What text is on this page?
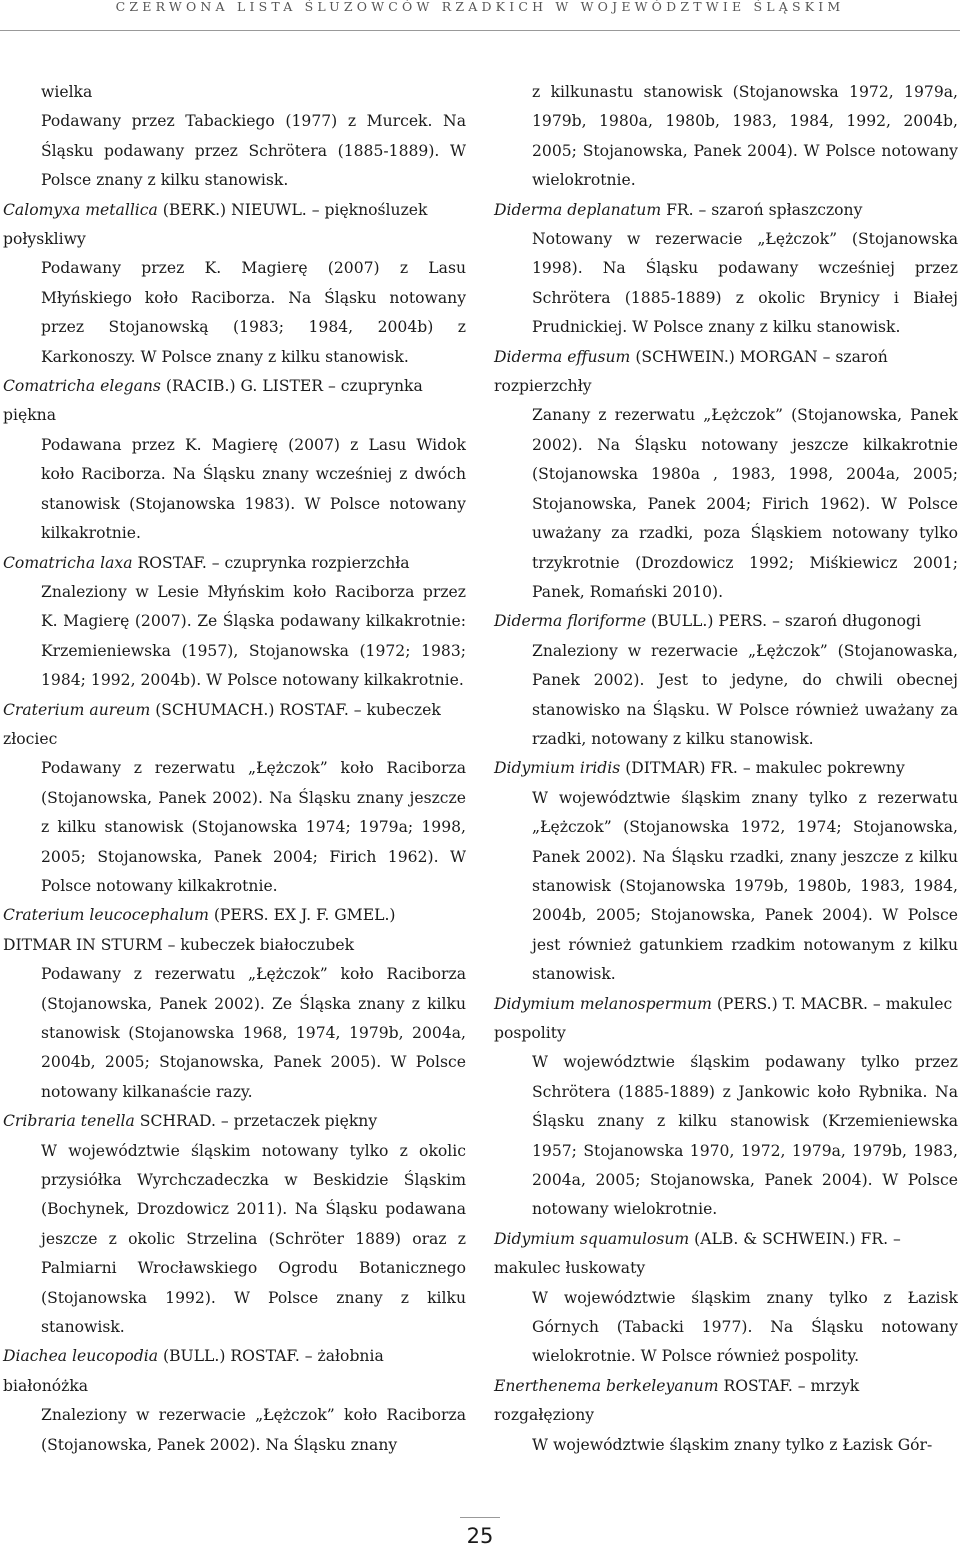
CZERWONA LISTA ŚLUZOWCÓW RZADKICH W WOJEWÓDZTWIE ŚLĄSKIM
wielka
Podawany przez Tabackiego (1977) z Murcek. Na Śląsku podawany przez Schrötera (1885-1889). W Polsce znany z kilku stanowisk.
Calomyxa metallica (BERK.) NIEUWL. – pięknośluzek połyskliwy
Podawany przez K. Magierę (2007) z Lasu Młyńskiego koło Raciborza. Na Śląsku notowany przez Stojanowską (1983; 1984, 2004b) z Karkonoszy. W Polsce znany z kilku stanowisk.
Comatricha elegans (RACIB.) G. LISTER – czuprynka piękna
Podawana przez K. Magierę (2007) z Lasu Widok koło Raciborza. Na Śląsku znany wcześniej z dwóch stanowisk (Stojanowska 1983). W Polsce notowany kilkakrotnie.
Comatricha laxa ROSTAF. – czuprynka rozpierzchła
Znaleziony w Lesie Młyńskim koło Raciborza przez K. Magierę (2007). Ze Śląska podawany kilkakrotnie: Krzemieniewska (1957), Stojanowska (1972; 1983; 1984; 1992, 2004b). W Polsce notowany kilkakrotnie.
Craterium aureum (SCHUMACH.) ROSTAF. – kubeczek złociec
Podawany z rezerwatu „Łężczok” koło Raciborza (Stojanowska, Panek 2002). Na Śląsku znany jeszcze z kilku stanowisk (Stojanowska 1974; 1979a; 1998, 2005; Stojanowska, Panek 2004; Firich 1962). W Polsce notowany kilkakrotnie.
Craterium leucocephalum (PERS. EX J. F. GMEL.) DITMAR IN STURM – kubeczek białoczubek
Podawany z rezerwatu „Łężczok” koło Raciborza (Stojanowska, Panek 2002). Ze Śląska znany z kilku stanowisk (Stojanowska 1968, 1974, 1979b, 2004a, 2004b, 2005; Stojanowska, Panek 2005). W Polsce notowany kilkanaście razy.
Cribraria tenella SCHRAD. – przetaczek piękny
W województwie śląskim notowany tylko z okolic przysiółka Wyrchczadeczka w Beskidzie Śląskim (Bochynek, Drozdowicz 2011). Na Śląsku podawana jeszcze z okolic Strzelina (Schröter 1889) oraz z Palmiarni Wrocławskiego Ogrodu Botanicznego (Stojanowska 1992). W Polsce znany z kilku stanowisk.
Diachea leucopodia (BULL.) ROSTAF. – żałobnia białonóżka
Znaleziony w rezerwacie „Łężczok” koło Raciborza (Stojanowska, Panek 2002). Na Śląsku znany
z kilkunastu stanowisk (Stojanowska 1972, 1979a, 1979b, 1980a, 1980b, 1983, 1984, 1992, 2004b, 2005; Stojanowska, Panek 2004). W Polsce notowany wielokrotnie.
Diderma deplanatum FR. – szaroń spłaszczony
Notowany w rezerwacie „Łężczok” (Stojanowska 1998). Na Śląsku podawany wcześniej przez Schrötera (1885-1889) z okolic Brynicy i Białej Prudnickiej. W Polsce znany z kilku stanowisk.
Diderma effusum (SCHWEIN.) MORGAN – szaroń rozpierzchły
Zanany z rezerwatu „Łężczok” (Stojanowska, Panek 2002). Na Śląsku notowany jeszcze kilkakrotnie (Stojanowska 1980a , 1983, 1998, 2004a, 2005; Stojanowska, Panek 2004; Firich 1962). W Polsce uważany za rzadki, poza Śląskiem notowany tylko trzykrotnie (Drozdowicz 1992; Miśkiewicz 2001; Panek, Romański 2010).
Diderma floriforme (BULL.) PERS. – szaroń długonogi
Znaleziony w rezerwacie „Łężczok” (Stojanowaska, Panek 2002). Jest to jedyne, do chwili obecnej stanowisko na Śląsku. W Polsce również uważany za rzadki, notowany z kilku stanowisk.
Didymium iridis (DITMAR) FR. – makulec pokrewny
W województwie śląskim znany tylko z rezerwatu „Łężczok” (Stojanowska 1972, 1974; Stojanowska, Panek 2002). Na Śląsku rzadki, znany jeszcze z kilku stanowisk (Stojanowska 1979b, 1980b, 1983, 1984, 2004b, 2005; Stojanowska, Panek 2004). W Polsce jest również gatunkiem rzadkim notowanym z kilku stanowisk.
Didymium melanospermum (PERS.) T. MACBR. – makulec pospolity
W województwie śląskim podawany tylko przez Schrötera (1885-1889) z Jankowic koło Rybnika. Na Śląsku znany z kilku stanowisk (Krzemieniewska 1957; Stojanowska 1970, 1972, 1979a, 1979b, 1983, 2004a, 2005; Stojanowska, Panek 2004). W Polsce notowany wielokrotnie.
Didymium squamulosum (ALB. & SCHWEIN.) FR. – makulec łuskowaty
W województwie śląskim znany tylko z Łazisk Górnych (Tabacki 1977). Na Śląsku notowany wielokrotnie. W Polsce również pospolity.
Enerthenema berkeleyanum ROSTAF. – mrzyk rozgałęziony
W województwie śląskim znany tylko z Łazisk Gór-
25
